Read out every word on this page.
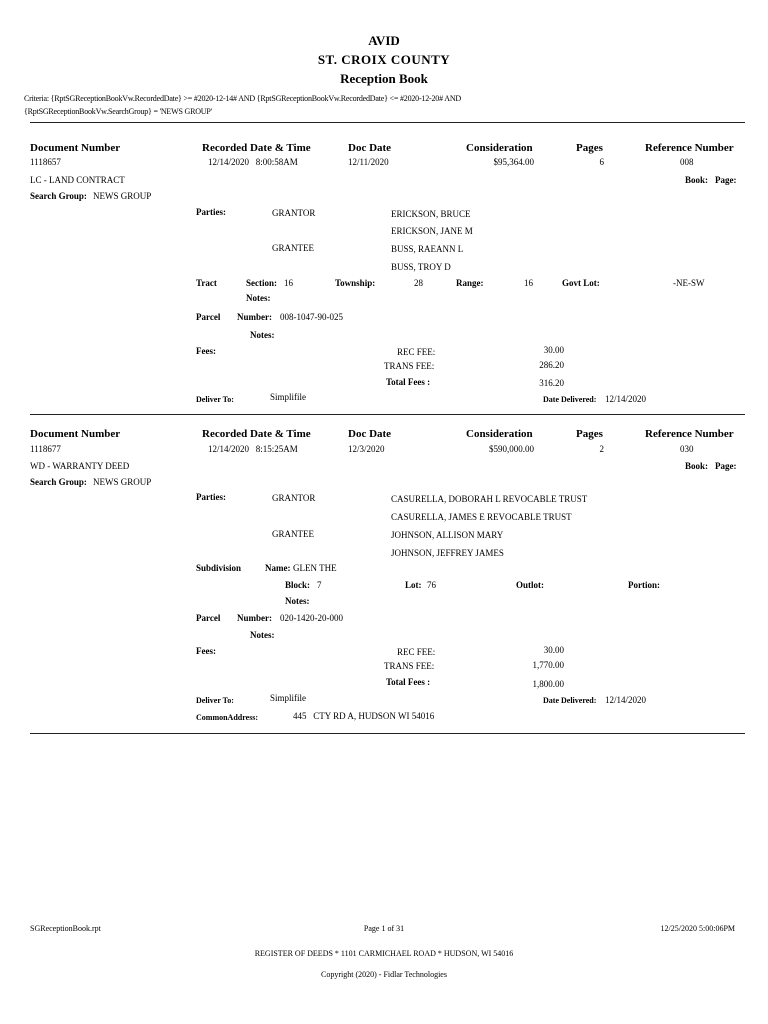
AVID
ST. CROIX COUNTY
Reception Book
Criteria: {RptSGReceptionBookVw.RecordedDate} >= #2020-12-14# AND {RptSGReceptionBookVw.RecordedDate} <= #2020-12-20# AND
{RptSGReceptionBookVw.SearchGroup} = 'NEWS GROUP'
Document Number	Recorded Date & Time	Doc Date	Consideration	Pages	Reference Number
1118657	12/14/2020   8:00:58AM	12/11/2020	$95,364.00	6	008
LC - LAND CONTRACT	Book: Page:
Search Group: NEWS GROUP
Parties:	GRANTOR	ERICKSON, BRUCE
ERICKSON, JANE M
GRANTEE	BUSS, RAEANN L
BUSS, TROY D
Tract	Section: 16	Township:	28	Range:	16	Govt Lot:	-NE-SW
Notes:
Parcel Number: 008-1047-90-025
Notes:
Fees:	REC FEE:	30.00
TRANS FEE:	286.20
Total Fees :	316.20
Deliver To:	Simplifile	Date Delivered: 12/14/2020
Document Number	Recorded Date & Time	Doc Date	Consideration	Pages	Reference Number
1118677	12/14/2020   8:15:25AM	12/3/2020	$590,000.00	2	030
WD - WARRANTY DEED	Book: Page:
Search Group: NEWS GROUP
Parties:	GRANTOR	CASURELLA, DOBORAH L REVOCABLE TRUST
CASURELLA, JAMES E REVOCABLE TRUST
GRANTEE	JOHNSON, ALLISON MARY
JOHNSON, JEFFREY JAMES
Subdivision	Name: GLEN THE
Block: 7	Lot: 76	Outlot:	Portion:
Notes:
Parcel Number: 020-1420-20-000
Notes:
Fees:	REC FEE:	30.00
TRANS FEE:	1,770.00
Total Fees :	1,800.00
Deliver To:	Simplifile	Date Delivered: 12/14/2020
CommonAddress:	445   CTY RD A, HUDSON WI 54016
SGReceptionBook.rpt	Page 1 of 31	12/25/2020 5:00:06PM
REGISTER OF DEEDS * 1101 CARMICHAEL ROAD * HUDSON, WI 54016
Copyright (2020) - Fidlar Technologies
